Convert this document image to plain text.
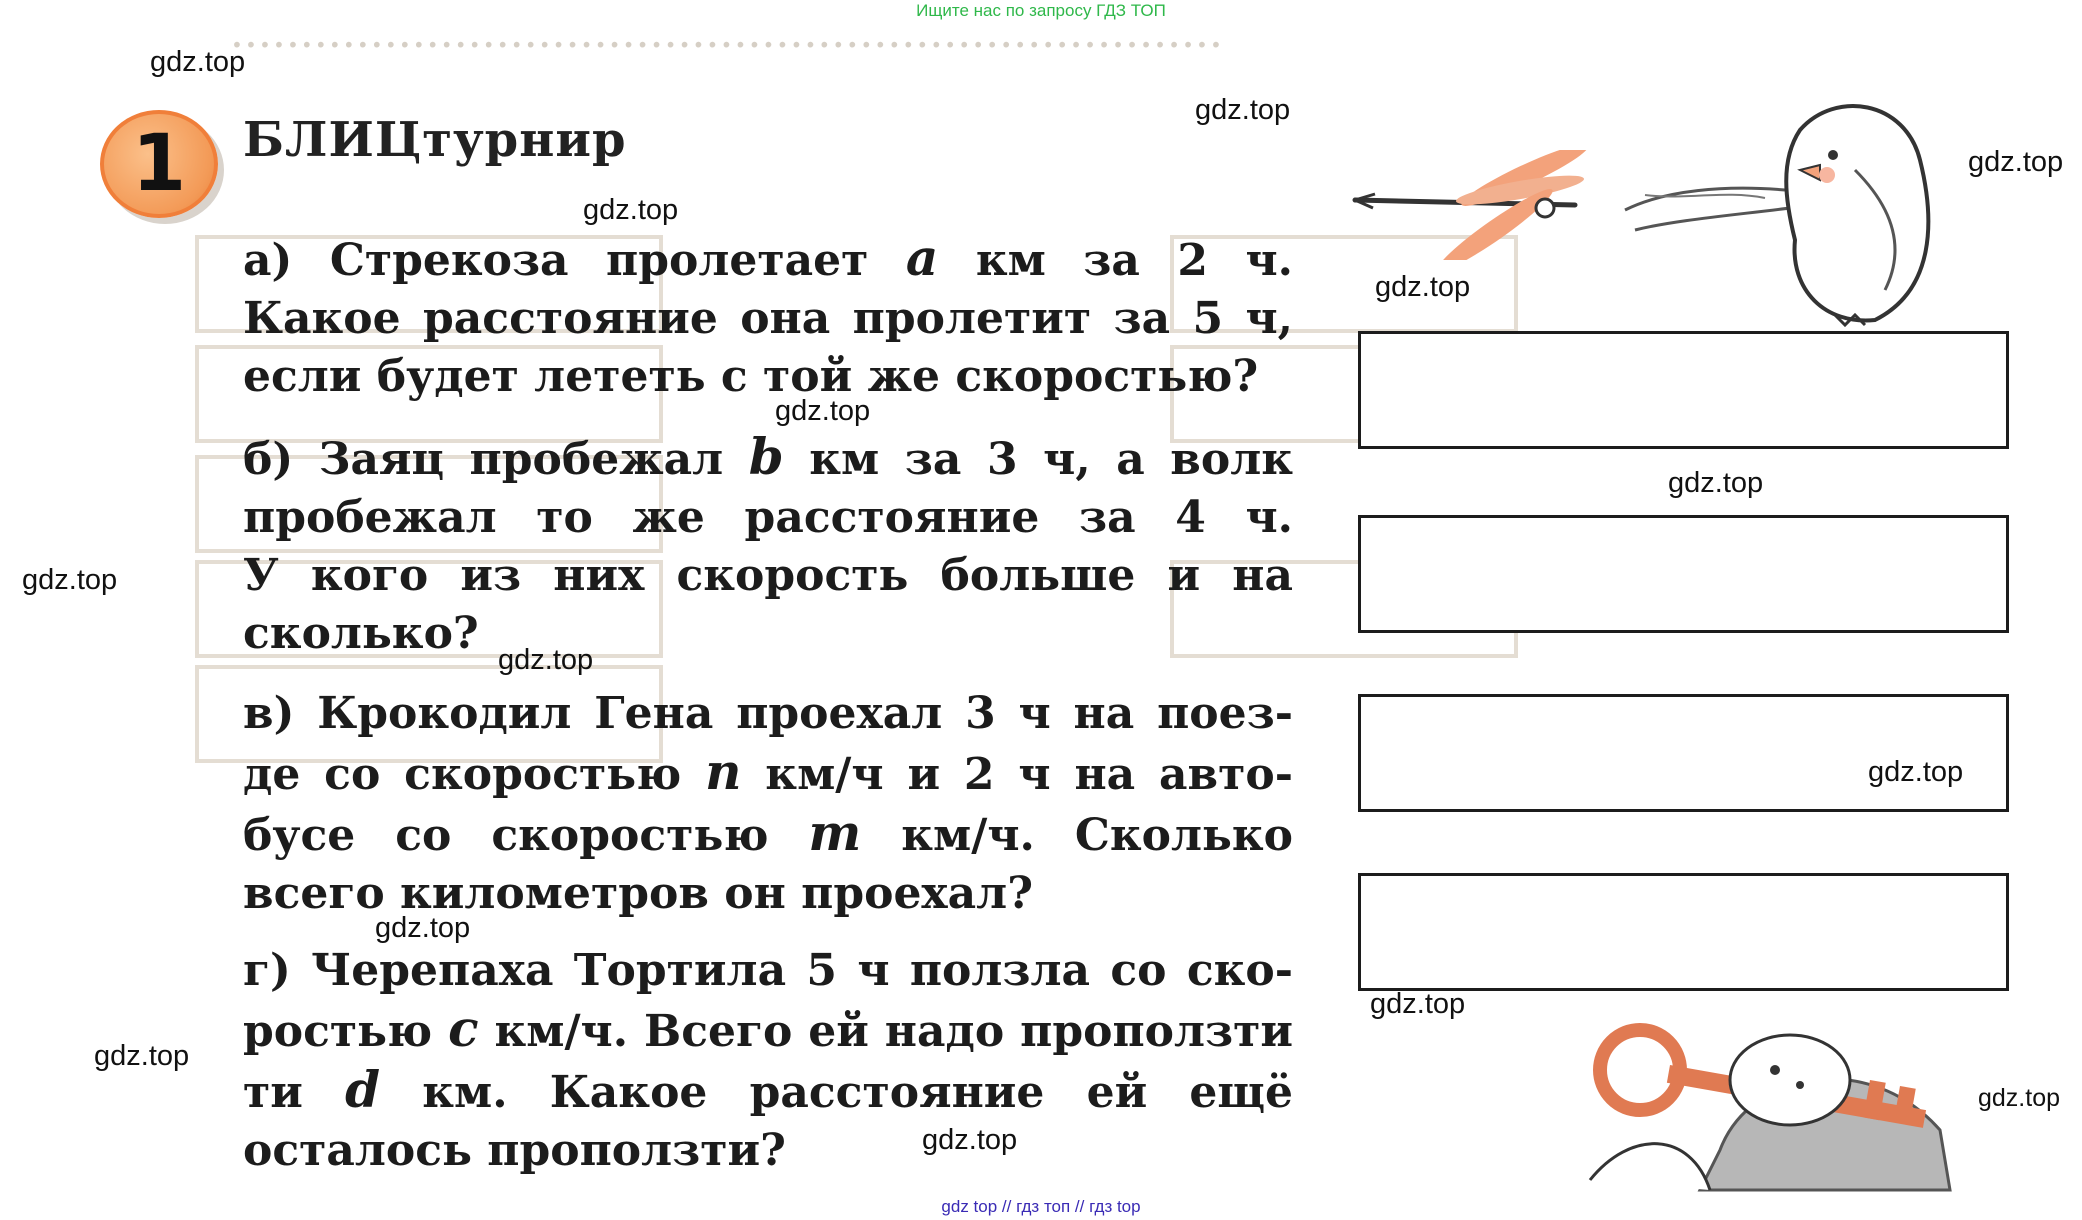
Ищите нас по запросу ГДЗ ТОП
·······································································
1	БЛИЦтурнир
а) Стрекоза пролетает a км за 2 ч.
Какое расстояние она пролетит за 5 ч,
если будет лететь с той же скоростью?
б) Заяц пробежал b км за 3 ч, а волк
пробежал то же расстояние за 4 ч.
У кого из них скорость больше и на
сколько?
в) Крокодил Гена проехал 3 ч на поез-
де со скоростью n км/ч и 2 ч на авто-
бусе со скоростью m км/ч. Сколько
всего километров он проехал?
г) Черепаха Тортила 5 ч ползла со ско-
ростью c км/ч. Всего ей надо проползти
ти d км. Какое расстояние ей ещё
осталось проползти?
gdz.top
gdz.top
gdz.top
gdz.top
gdz.top
gdz.top
gdz.top
gdz.top
gdz.top
gdz.top
gdz.top
gdz.top
gdz.top
gdz.top
gdz.top
gdz top // гдз топ // гдз top
